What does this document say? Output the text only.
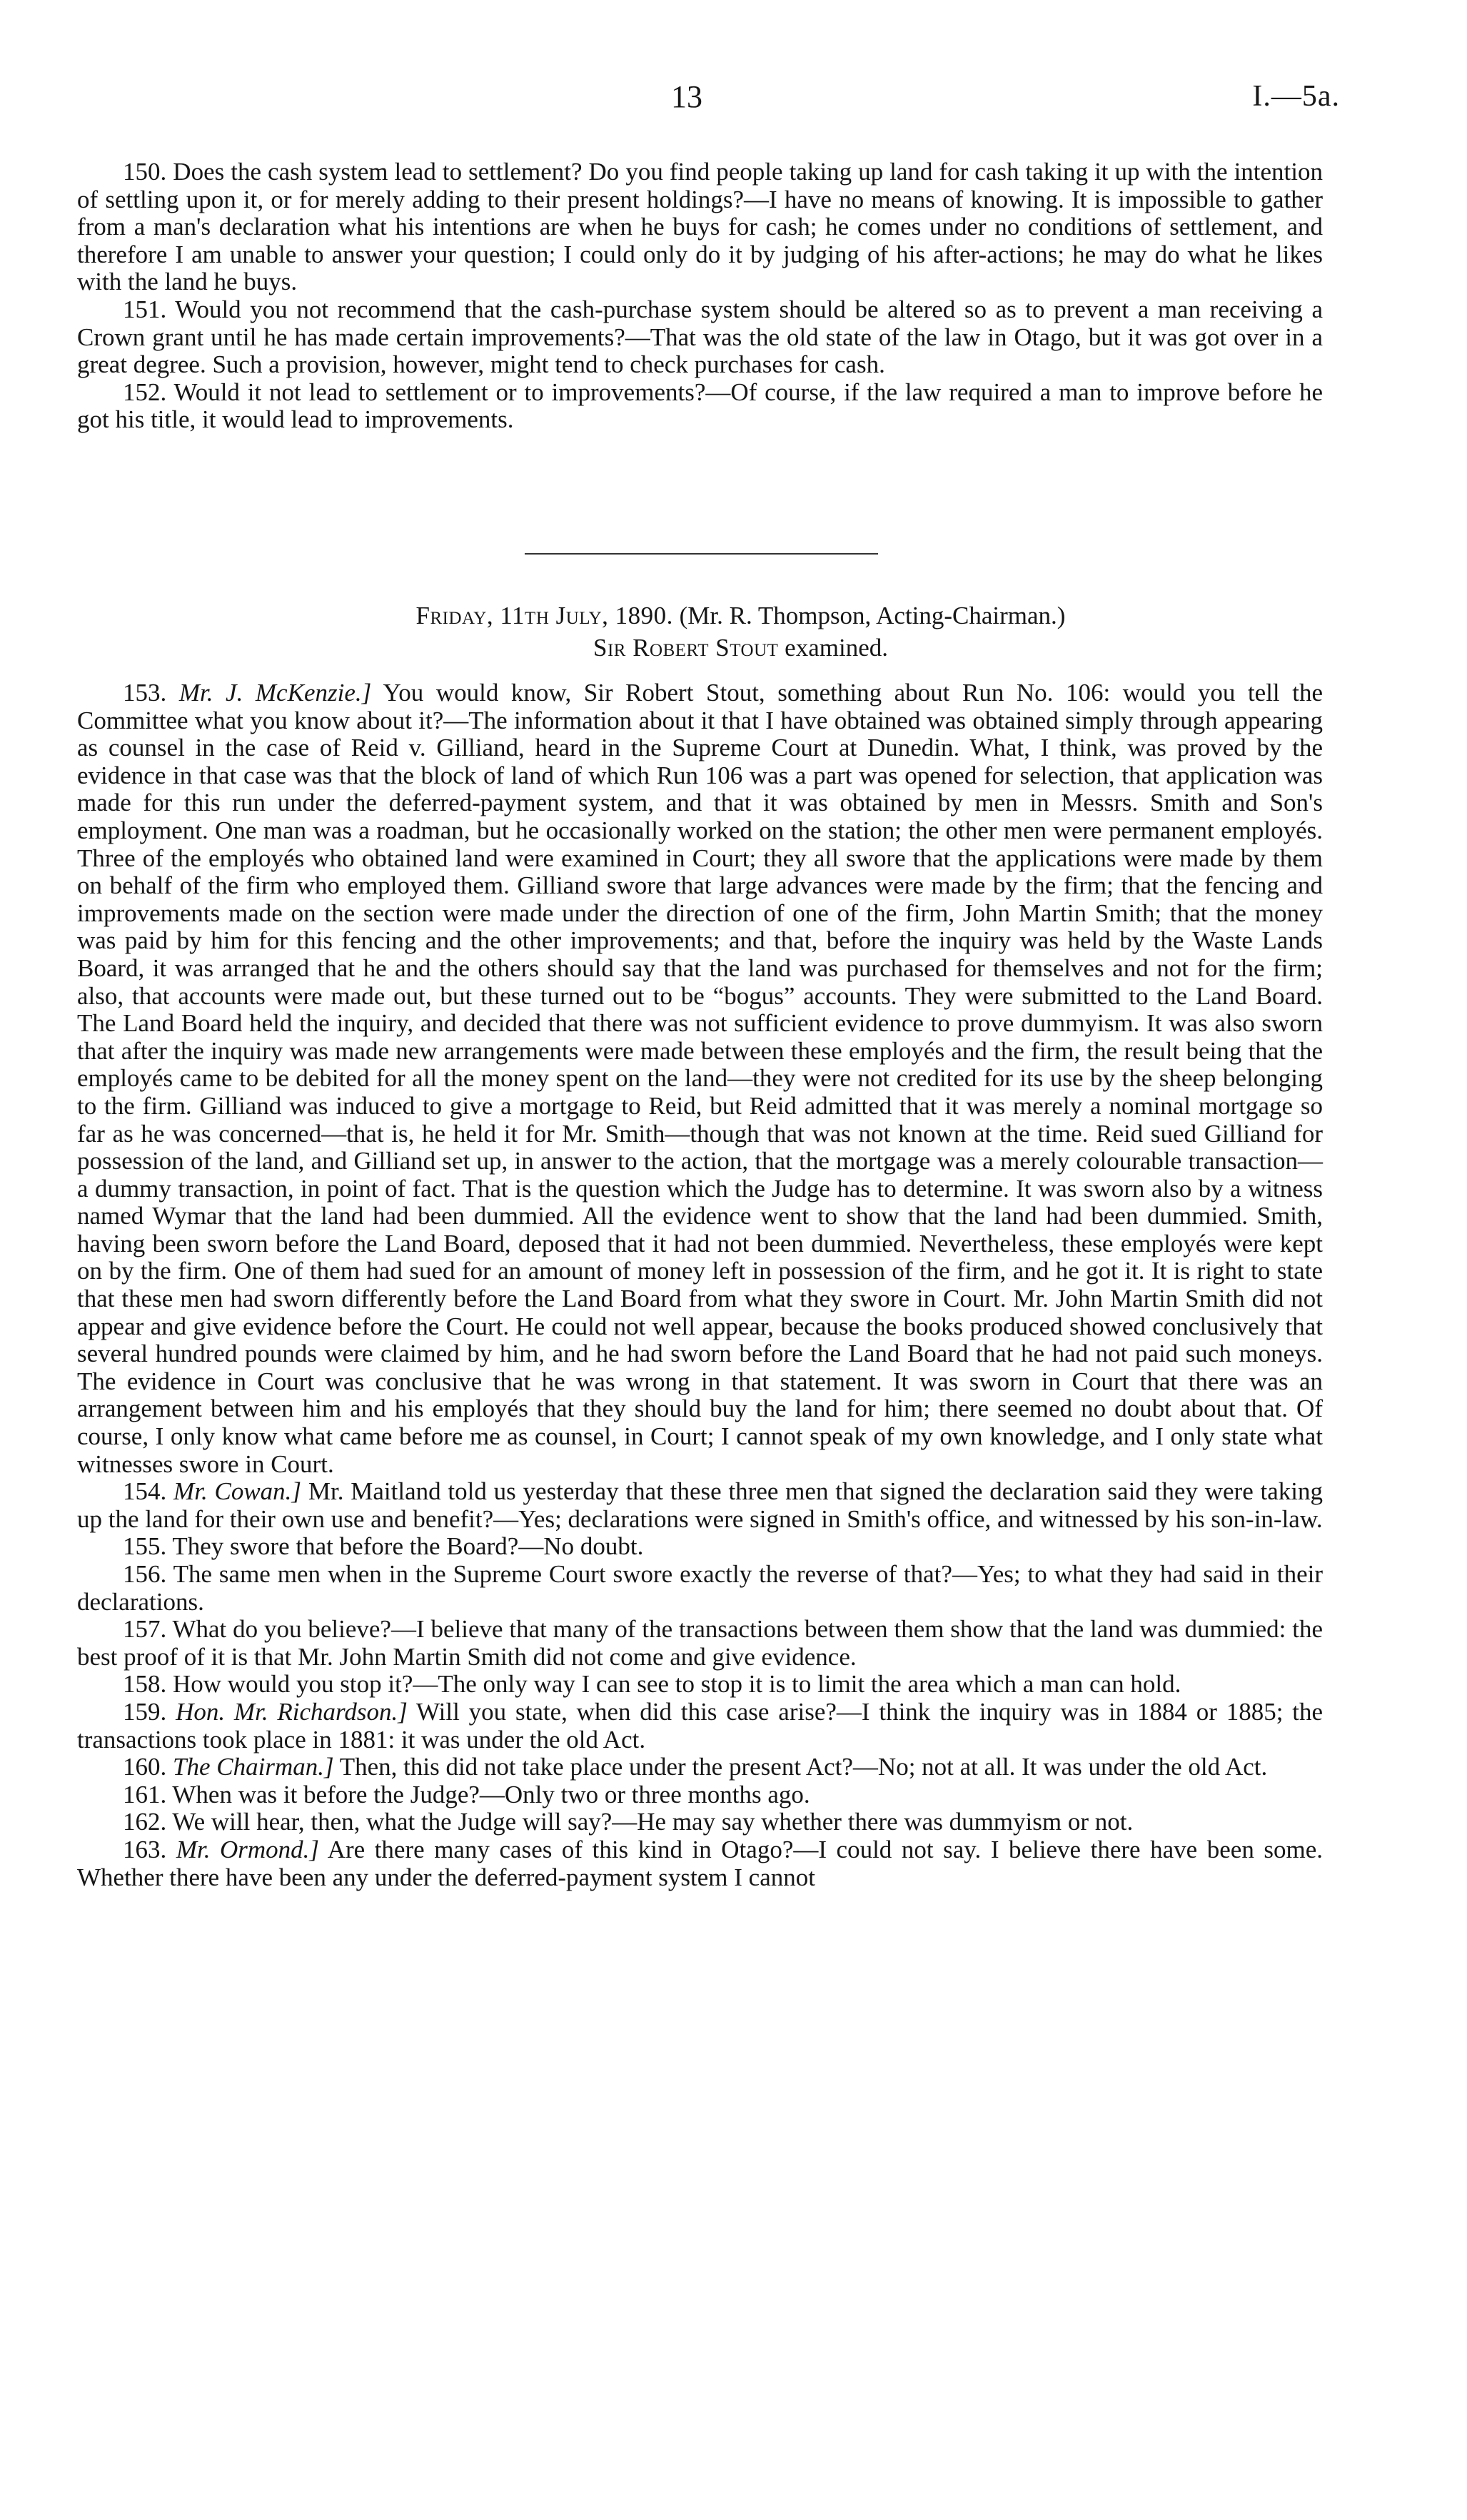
13	I.—5a.

150. Does the cash system lead to settlement? Do you find people taking up land for cash taking it up with the intention of settling upon it, or for merely adding to their present holdings?—I have no means of knowing. It is impossible to gather from a man's declaration what his intentions are when he buys for cash; he comes under no conditions of settlement, and therefore I am unable to answer your question; I could only do it by judging of his after-actions; he may do what he likes with the land he buys.

151. Would you not recommend that the cash-purchase system should be altered so as to prevent a man receiving a Crown grant until he has made certain improvements?—That was the old state of the law in Otago, but it was got over in a great degree. Such a provision, however, might tend to check purchases for cash.

152. Would it not lead to settlement or to improvements?—Of course, if the law required a man to improve before he got his title, it would lead to improvements.

Friday, 11th July, 1890. (Mr. R. Thompson, Acting-Chairman.)

Sir Robert Stout examined.

153. Mr. J. McKenzie.] You would know, Sir Robert Stout, something about Run No. 106: would you tell the Committee what you know about it?—The information about it that I have obtained was obtained simply through appearing as counsel in the case of Reid v. Gilliand, heard in the Supreme Court at Dunedin. What, I think, was proved by the evidence in that case was that the block of land of which Run 106 was a part was opened for selection, that application was made for this run under the deferred-payment system, and that it was obtained by men in Messrs. Smith and Son's employment. One man was a roadman, but he occasionally worked on the station; the other men were permanent employés. Three of the employés who obtained land were examined in Court; they all swore that the applications were made by them on behalf of the firm who employed them. Gilliand swore that large advances were made by the firm; that the fencing and improvements made on the section were made under the direction of one of the firm, John Martin Smith; that the money was paid by him for this fencing and the other improvements; and that, before the inquiry was held by the Waste Lands Board, it was arranged that he and the others should say that the land was purchased for themselves and not for the firm; also, that accounts were made out, but these turned out to be “bogus” accounts. They were submitted to the Land Board. The Land Board held the inquiry, and decided that there was not sufficient evidence to prove dummyism. It was also sworn that after the inquiry was made new arrangements were made between these employés and the firm, the result being that the employés came to be debited for all the money spent on the land—they were not credited for its use by the sheep belonging to the firm. Gilliand was induced to give a mortgage to Reid, but Reid admitted that it was merely a nominal mortgage so far as he was concerned—that is, he held it for Mr. Smith—though that was not known at the time. Reid sued Gilliand for possession of the land, and Gilliand set up, in answer to the action, that the mortgage was a merely colourable transaction—a dummy transaction, in point of fact. That is the question which the Judge has to determine. It was sworn also by a witness named Wymar that the land had been dummied. All the evidence went to show that the land had been dummied. Smith, having been sworn before the Land Board, deposed that it had not been dummied. Nevertheless, these employés were kept on by the firm. One of them had sued for an amount of money left in possession of the firm, and he got it. It is right to state that these men had sworn differently before the Land Board from what they swore in Court. Mr. John Martin Smith did not appear and give evidence before the Court. He could not well appear, because the books produced showed conclusively that several hundred pounds were claimed by him, and he had sworn before the Land Board that he had not paid such moneys. The evidence in Court was conclusive that he was wrong in that statement. It was sworn in Court that there was an arrangement between him and his employés that they should buy the land for him; there seemed no doubt about that. Of course, I only know what came before me as counsel, in Court; I cannot speak of my own knowledge, and I only state what witnesses swore in Court.

154. Mr. Cowan.] Mr. Maitland told us yesterday that these three men that signed the declaration said they were taking up the land for their own use and benefit?—Yes; declarations were signed in Smith's office, and witnessed by his son-in-law.

155. They swore that before the Board?—No doubt.

156. The same men when in the Supreme Court swore exactly the reverse of that?—Yes; to what they had said in their declarations.

157. What do you believe?—I believe that many of the transactions between them show that the land was dummied: the best proof of it is that Mr. John Martin Smith did not come and give evidence.

158. How would you stop it?—The only way I can see to stop it is to limit the area which a man can hold.

159. Hon. Mr. Richardson.] Will you state, when did this case arise?—I think the inquiry was in 1884 or 1885; the transactions took place in 1881: it was under the old Act.

160. The Chairman.] Then, this did not take place under the present Act?—No; not at all. It was under the old Act.

161. When was it before the Judge?—Only two or three months ago.

162. We will hear, then, what the Judge will say?—He may say whether there was dummyism or not.

163. Mr. Ormond.] Are there many cases of this kind in Otago?—I could not say. I believe there have been some. Whether there have been any under the deferred-payment system I cannot
